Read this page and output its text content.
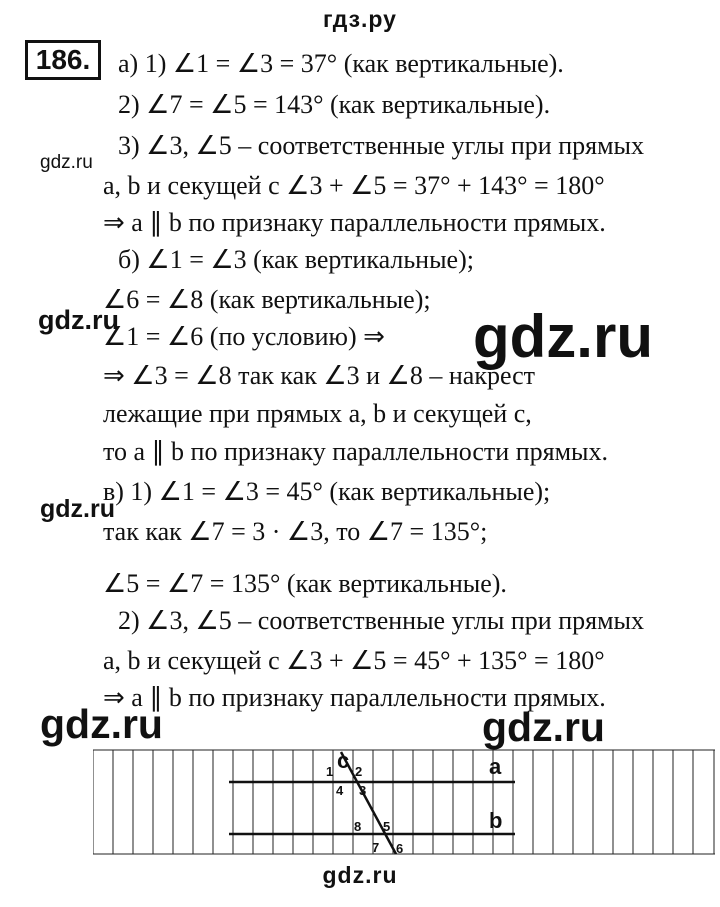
гдз.ру
gdz.ru
gdz.ru	gdz.ru
gdz.ru
gdz.ru	gdz.ru
gdz.ru
186.	а) 1) ∠1 = ∠3 = 37° (как вертикальные).
2) ∠7 = ∠5 = 143° (как вертикальные).
3) ∠3, ∠5 – соответственные углы при прямых
a, b и секущей c ∠3 + ∠5 = 37° + 143° = 180°
⇒ a ∥ b по признаку параллельности прямых.
б) ∠1 = ∠3 (как вертикальные);
∠6 = ∠8 (как вертикальные);
∠1 = ∠6 (по условию) ⇒
⇒ ∠3 = ∠8 так как ∠3 и ∠8 – накрест
лежащие при прямых a, b и секущей c,
то a ∥ b по признаку параллельности прямых.
в) 1) ∠1 = ∠3 = 45° (как вертикальные);
так как ∠7 = 3 · ∠3, то ∠7 = 135°;
∠5 = ∠7 = 135° (как вертикальные).
2) ∠3, ∠5 – соответственные углы при прямых
a, b и секущей c ∠3 + ∠5 = 45° + 135° = 180°
⇒ a ∥ b по признаку параллельности прямых.
c	a
b
1 2
3
4
5
6
7
8
